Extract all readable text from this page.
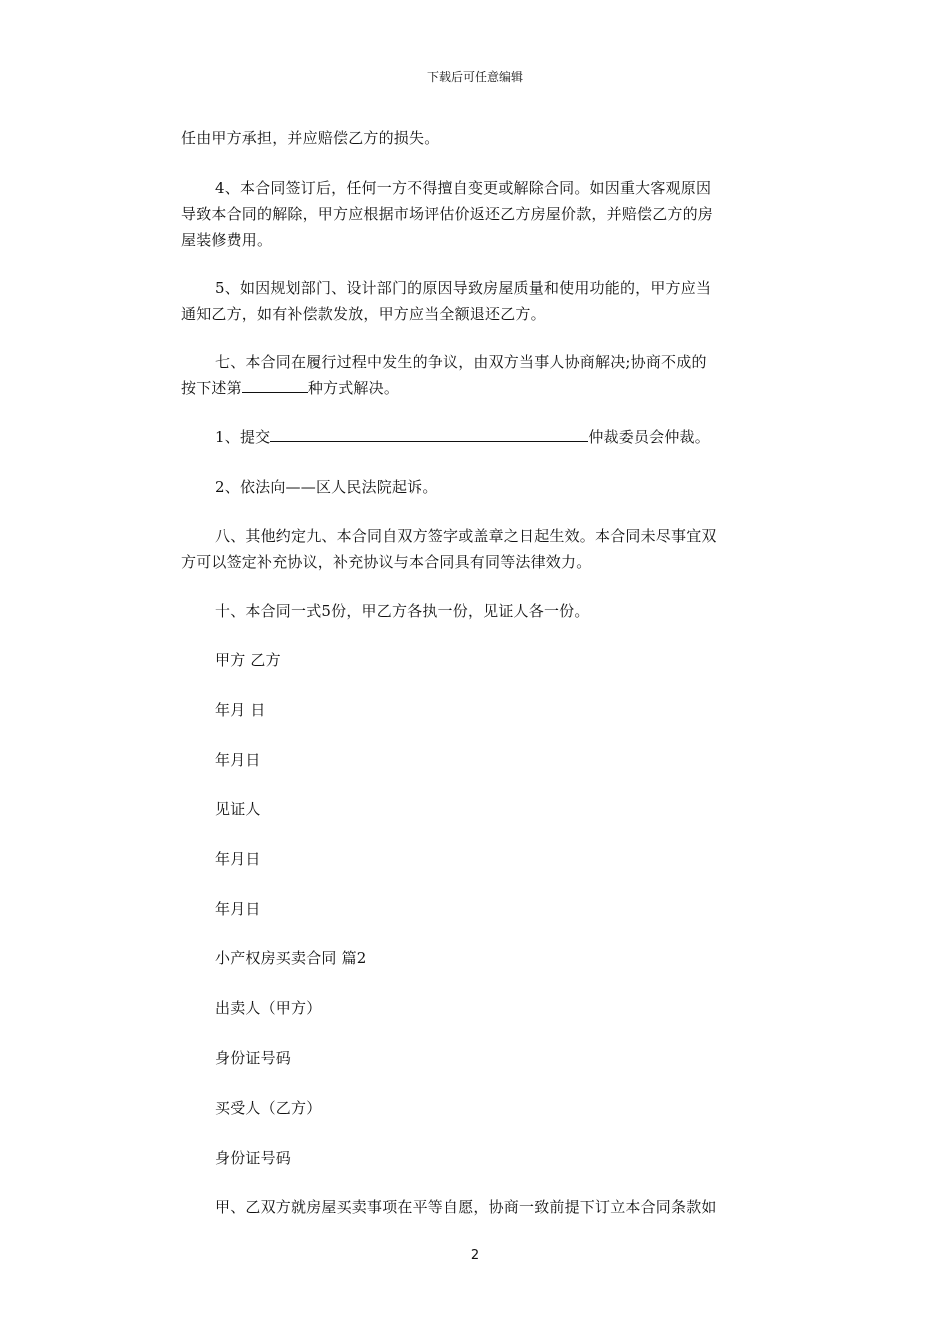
下载后可任意编辑
任由甲方承担，并应赔偿乙方的损失。
4、本合同签订后，任何一方不得擅自变更或解除合同。如因重大客观原因
导致本合同的解除，甲方应根据市场评估价返还乙方房屋价款，并赔偿乙方的房
屋装修费用。
5、如因规划部门、设计部门的原因导致房屋质量和使用功能的，甲方应当
通知乙方，如有补偿款发放，甲方应当全额退还乙方。
七、本合同在履行过程中发生的争议，由双方当事人协商解决;协商不成的
按下述第	种方式解决。
1、提交	仲裁委员会仲裁。
2、依法向——区人民法院起诉。
八、其他约定九、本合同自双方签字或盖章之日起生效。本合同未尽事宜双
方可以签定补充协议，补充协议与本合同具有同等法律效力。
十、本合同一式5份，甲乙方各执一份，见证人各一份。
甲方 乙方
年月 日
年月日
见证人
年月日
年月日
小产权房买卖合同 篇2
出卖人（甲方）
身份证号码
买受人（乙方）
身份证号码
甲、乙双方就房屋买卖事项在平等自愿，协商一致前提下订立本合同条款如
2
